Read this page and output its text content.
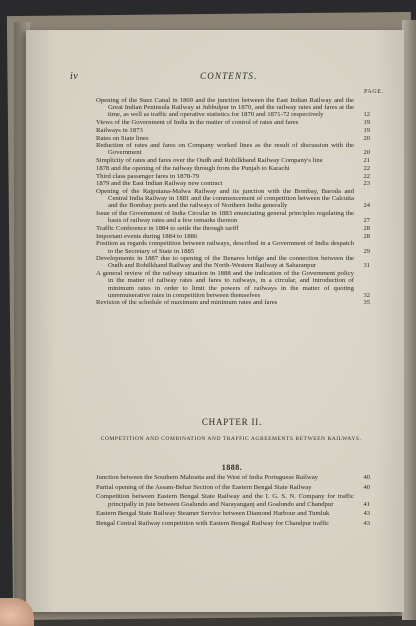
iv	CONTENTS.
PAGE.
Opening of the Suez Canal in 1869 and the junction between the East Indian Railway and the Great Indian Peninsula Railway at Jubbulpur in 1870, and the railway rates and fares at the time, as well as traffic and operative statistics for 1870 and 1871-72 respectively	12
Views of the Government of India in the matter of control of rates and fares	19
Railways in 1873	19
Rates on State lines	20
Reduction of rates and fares on Company worked lines as the result of discussion with the Government	20
Simplicity of rates and fares over the Oudh and Rohilkhand Railway Company's line	21
1878 and the opening of the railway through from the Punjab to Karachi	22
Third class passenger fares in 1878-79	22
1879 and the East Indian Railway new contract	23
Opening of the Rajputana-Malwa Railway and its junction with the Bombay, Baroda and Central India Railway in 1881 and the commencement of competition between the Calcutta and the Bombay ports and the railways of Northern India generally	24
Issue of the Government of India Circular in 1883 enunciating general principles regulating the basis of railway rates and a few remarks thereon	27
Traffic Conference in 1884 to settle the through tariff	28
Important events during 1884 to 1886	28
Position as regards competition between railways, described in a Government of India despatch to the Secretary of State in 1885	29
Developments in 1887 due to opening of the Benares bridge and the connection between the Oudh and Rohilkhand Railway and the North-Western Railway at Saharanpur	31
A general review of the railway situation in 1888 and the indication of the Government policy in the matter of railway rates and fares to railways, in a circular, and introduction of minimum rates in order to limit the powers of railways in the matter of quoting unremunerative rates in competition between themselves	32
Revision of the schedule of maximum and minimum rates and fares	35
CHAPTER II.
COMPETITION AND COMBINATION AND TRAFFIC AGREEMENTS BETWEEN RAILWAYS.
1888.
Junction between the Southern Mahratta and the West of India Portuguese Railway	40
Partial opening of the Assam-Behar Section of the Eastern Bengal State Railway	40
Competition between Eastern Bengal State Railway and the I. G. S. N. Company for traffic principally in jute between Goalundo and Narayanganj and Goalundo and Chandpur	41
Eastern Bengal State Railway Steamer Service between Diamond Harbour and Tumluk	43
Bengal Central Railway competition with Eastern Bengal Railway for Chandpur traffic	43
